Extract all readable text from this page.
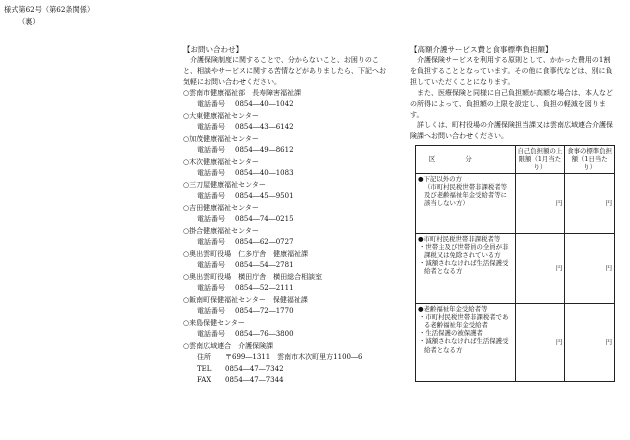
様式第62号（第62条関係）
（裏）
【お問い合わせ】
介護保険制度に関することで、分からないこと、お困りのこと、相談やサービスに関する苦情などがありましたら、下記へお気軽にお問い合わせください。
○雲南市健康福祉部　長寿障害福祉課
電話番号 0854―40―1042
○大東健康福祉センター
電話番号 0854―43―6142
○加茂健康福祉センター
電話番号 0854―49―8612
○木次健康福祉センター
電話番号 0854―40―1083
○三刀屋健康福祉センター
電話番号 0854―45―9501
○吉田健康福祉センター
電話番号 0854―74―0215
○掛合健康福祉センター
電話番号 0854―62―0727
○奥出雲町役場　仁多庁舎　健康福祉課
電話番号 0854―54―2781
○奥出雲町役場　横田庁舎　横田総合相談室
電話番号 0854―52―2111
○飯南町保健福祉センター　保健福祉課
電話番号 0854―72―1770
○来島保健センター
電話番号 0854―76―3800
○雲南広域連合　介護保険課
住所 〒699―1311　雲南市木次町里方1100―6
TEL 0854―47―7342
FAX 0854―47―7344
【高額介護サービス費と食事標準負担額】
介護保険サービスを利用する原則として、かかった費用の1割を負担することとなっています。その他に食事代などは、別に負担していただくことになります。
また、医療保険と同様に自己負担額が高額な場合は、本人などの所得によって、負担額の上限を設定し、負担の軽減を図ります。
詳しくは、町村役場の介護保険担当課又は雲南広域連合介護保険課へお問い合わせください。
区分	自己負担額の上限額（1月当たり）	食事の標準負担額（1日当たり）

●下記以外の方
（市町村民税世帯非課税者等及び老齢福祉年金受給者等に該当しない方）	円	円

●市町村民税世帯非課税者等
・世帯主及び世帯員の全員が非課税又は免除されている方
・減額されなければ生活保護受給者となる方	円	円

●老齢福祉年金受給者等
・市町村民税世帯非課税者である老齢福祉年金受給者
・生活保護の被保護者
・減額されなければ生活保護受給者となる方	円	円
